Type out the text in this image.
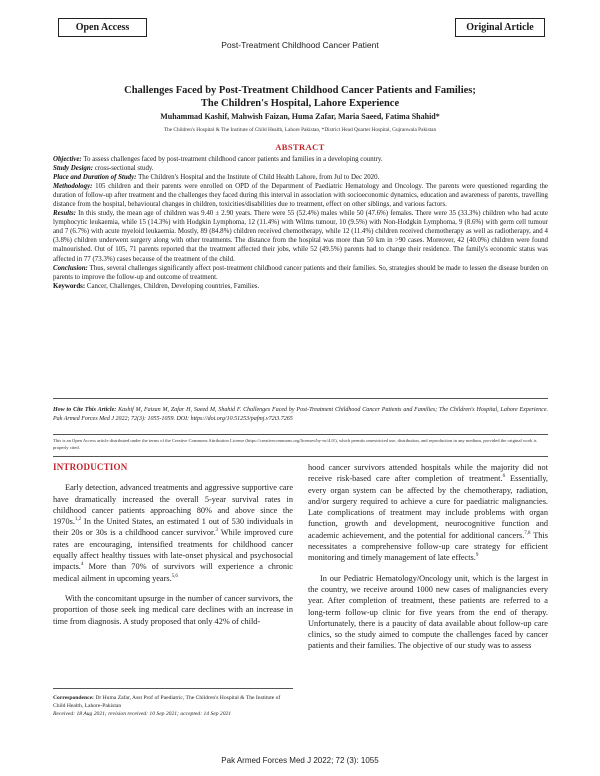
Open Access	Original Article
Post-Treatment Childhood Cancer Patient
Challenges Faced by Post-Treatment Childhood Cancer Patients and Families;
The Children's Hospital, Lahore Experience
Muhammad Kashif, Mahwish Faizan, Huma Zafar, Maria Saeed, Fatima Shahid*
The Children's Hospital & The Institute of Child Health, Lahore Pakistan, *District Head Quarter Hospital, Gujranwala Pakistan
ABSTRACT

Objective: To assess challenges faced by post-treatment childhood cancer patients and families in a developing country.

Study Design: cross-sectional study.

Place and Duration of Study: The Children's Hospital and the Institute of Child Health Lahore, from Jul to Dec 2020.

Methodology: 105 children and their parents were enrolled on OPD of the Department of Paediatric Hematology and Oncology. The parents were questioned regarding the duration of follow-up after treatment and the challenges they faced during this interval in association with socioeconomic dynamics, education and awareness of parents, travelling distance from the hospital, behavioural changes in children, toxicities/disabilities due to treatment, effect on other siblings, and various factors.

Results: In this study, the mean age of children was 9.40 ± 2.90 years. There were 55 (52.4%) males while 50 (47.6%) females. There were 35 (33.3%) children who had acute lymphocytic leukaemia, while 15 (14.3%) with Hodgkin Lymphoma, 12 (11.4%) with Wilms tumour, 10 (9.5%) with Non-Hodgkin Lymphoma, 9 (8.6%) with germ cell tumour and 7 (6.7%) with acute myeloid leukaemia. Mostly, 89 (84.8%) children received chemotherapy, while 12 (11.4%) children received chemotherapy as well as radiotherapy, and 4 (3.8%) children underwent surgery along with other treatments. The distance from the hospital was more than 50 km in >90 cases. Moreover, 42 (40.0%) children were found malnourished. Out of 105, 71 parents reported that the treatment affected their jobs, while 52 (49.5%) parents had to change their residence. The family's economic status was affected in 77 (73.3%) cases because of the treatment of the child.

Conclusion: Thus, several challenges significantly affect post-treatment childhood cancer patients and their families. So, strategies should be made to lessen the disease burden on parents to improve the follow-up and outcome of treatment.

Keywords: Cancer, Challenges, Children, Developing countries, Families.

How to Cite This Article: Kashif M, Faizan M, Zafar H, Saeed M, Shahid F. Challenges Faced by Post-Treatment Childhood Cancer Patients and Families; The Children's Hospital, Lahore Experience. Pak Armed Forces Med J 2022; 72(3): 1055-1059. DOI: https://doi.org/10.51253/pafmj.v72i3.7265
This is an Open Access article distributed under the terms of the Creative Commons Attribution License (https://creativecommons.org/licenses/by-nc/4.0/), which permits unrestricted use, distribution, and reproduction in any medium, provided the original work is properly cited.

INTRODUCTION

Early detection, advanced treatments and aggressive supportive care have dramatically increased the overall 5-year survival rates in childhood cancer patients approaching 80% and above since the 1970s.$^{1,2}$ In the United States, an estimated 1 out of 530 individuals in their 20s or 30s is a childhood cancer survivor.$^3$ While improved cure rates are encouraging, intensified treatments for childhood cancer equally affect healthy tissues with late-onset physical and psychosocial impacts.$^4$ More than 70% of survivors will experience a chronic medical ailment in upcoming years.$^{5,6}$

With the concomitant upsurge in the number of cancer survivors, the proportion of those seek ing medical care declines with an increase in time from diagnosis. A study proposed that only 42% of child-

Correspondence: Dr Huma Zafar, Asst Prof of Paediatric, The Children's Hospital & The Institute of Child Health, Lahore-Pakistan
Received: 18 Aug 2021; revision received: 10 Sep 2021; accepted: 14 Sep 2021

hood cancer survivors attended hospitals while the majority did not receive risk-based care after completion of treatment.$^6$ Essentially, every organ system can be affected by the chemotherapy, radiation, and/or surgery required to achieve a cure for paediatric malignancies. Late complications of treatment may include problems with organ function, growth and development, neurocognitive function and academic achievement, and the potential for additional cancers.$^{7,8}$ This necessitates a comprehensive follow-up care strategy for efficient monitoring and timely management of late effects.$^9$

In our Pediatric Hematology/Oncology unit, which is the largest in the country, we receive around 1000 new cases of malignancies every year. After completion of treatment, these patients are referred to a long-term follow-up clinic for five years from the end of therapy. Unfortunately, there is a paucity of data available about follow-up care clinics, so the study aimed to compute the challenges faced by cancer patients and their families. The objective of our study was to assess

Pak Armed Forces Med J 2022; 72 (3): 1055
